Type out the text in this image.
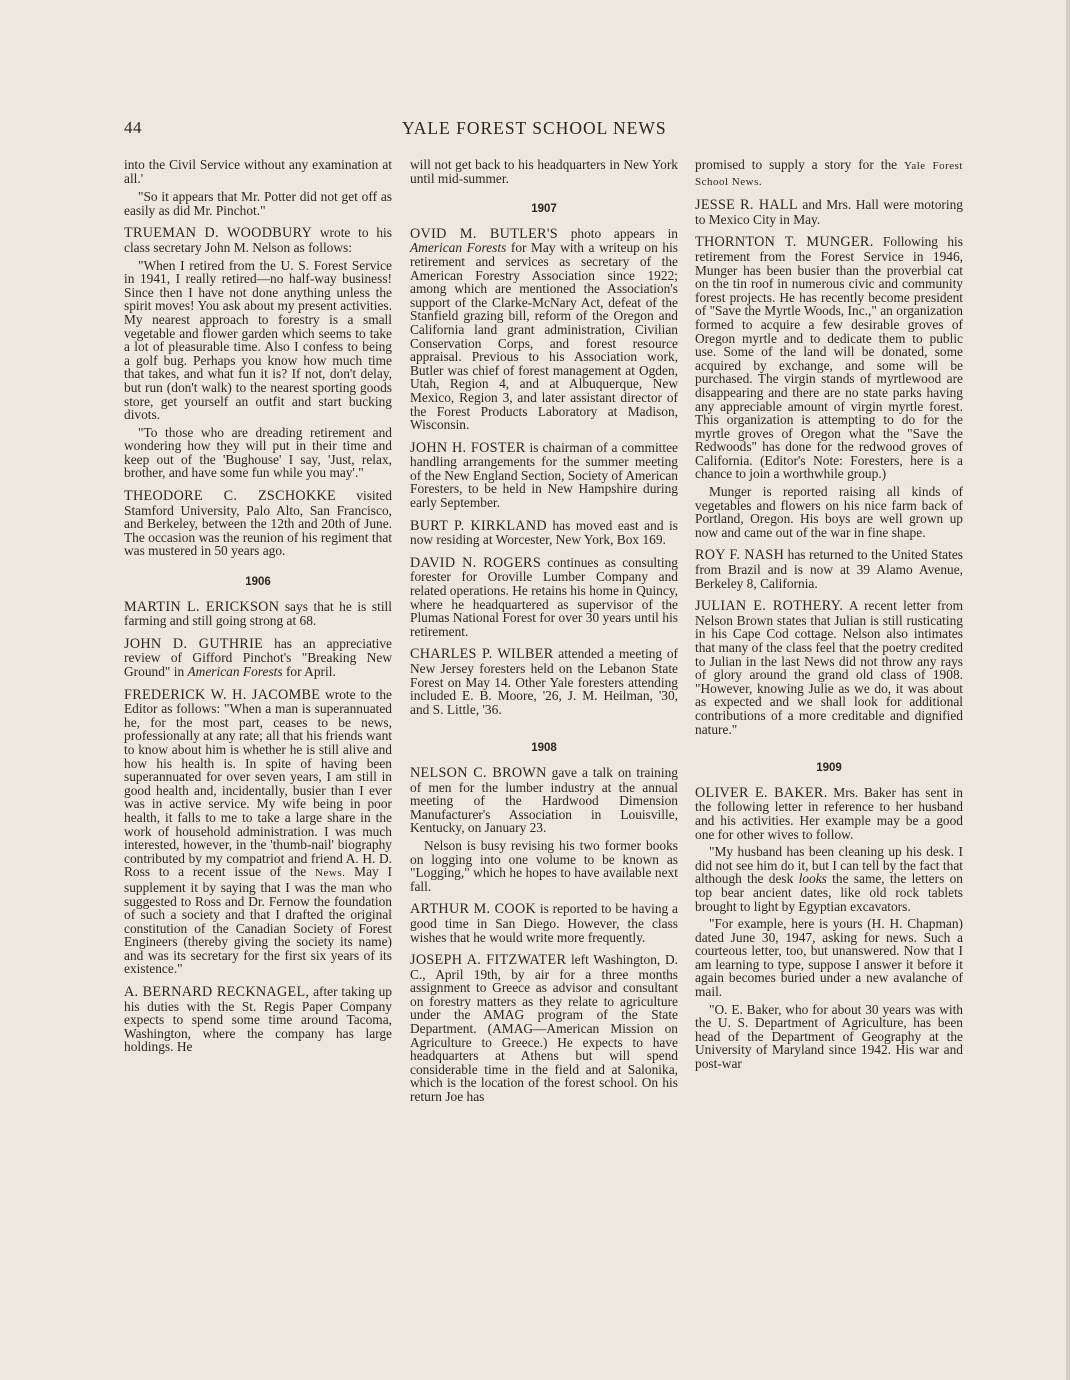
44	YALE FOREST SCHOOL NEWS

into the Civil Service without any examination at all.'

"So it appears that Mr. Potter did not get off as easily as did Mr. Pinchot."

TRUEMAN D. WOODBURY wrote to his class secretary John M. Nelson as follows:

"When I retired from the U. S. Forest Service in 1941, I really retired—no half-way business! Since then I have not done anything unless the spirit moves! You ask about my present activities. My nearest approach to forestry is a small vegetable and flower garden which seems to take a lot of pleasurable time. Also I confess to being a golf bug. Perhaps you know how much time that takes, and what fun it is? If not, don't delay, but run (don't walk) to the nearest sporting goods store, get yourself an outfit and start bucking divots.

"To those who are dreading retirement and wondering how they will put in their time and keep out of the 'Bughouse' I say, 'Just, relax, brother, and have some fun while you may'."

THEODORE C. ZSCHOKKE visited Stamford University, Palo Alto, San Francisco, and Berkeley, between the 12th and 20th of June. The occasion was the reunion of his regiment that was mustered in 50 years ago.

1906

MARTIN L. ERICKSON says that he is still farming and still going strong at 68.

JOHN D. GUTHRIE has an appreciative review of Gifford Pinchot's "Breaking New Ground" in American Forests for April.

FREDERICK W. H. JACOMBE wrote to the Editor as follows: "When a man is superannuated he, for the most part, ceases to be news, professionally at any rate; all that his friends want to know about him is whether he is still alive and how his health is. In spite of having been superannuated for over seven years, I am still in good health and, incidentally, busier than I ever was in active service. My wife being in poor health, it falls to me to take a large share in the work of household administration. I was much interested, however, in the 'thumb-nail' biography contributed by my compatriot and friend A. H. D. Ross to a recent issue of the News. May I supplement it by saying that I was the man who suggested to Ross and Dr. Fernow the foundation of such a society and that I drafted the original constitution of the Canadian Society of Forest Engineers (thereby giving the society its name) and was its secretary for the first six years of its existence."

A. BERNARD RECKNAGEL, after taking up his duties with the St. Regis Paper Company expects to spend some time around Tacoma, Washington, where the company has large holdings. He

will not get back to his headquarters in New York until mid-summer.

1907

OVID M. BUTLER'S photo appears in American Forests for May with a writeup on his retirement and services as secretary of the American Forestry Association since 1922; among which are mentioned the Association's support of the Clarke-McNary Act, defeat of the Stanfield grazing bill, reform of the Oregon and California land grant administration, Civilian Conservation Corps, and forest resource appraisal. Previous to his Association work, Butler was chief of forest management at Ogden, Utah, Region 4, and at Albuquerque, New Mexico, Region 3, and later assistant director of the Forest Products Laboratory at Madison, Wisconsin.

JOHN H. FOSTER is chairman of a committee handling arrangements for the summer meeting of the New England Section, Society of American Foresters, to be held in New Hampshire during early September.

BURT P. KIRKLAND has moved east and is now residing at Worcester, New York, Box 169.

DAVID N. ROGERS continues as consulting forester for Oroville Lumber Company and related operations. He retains his home in Quincy, where he headquartered as supervisor of the Plumas National Forest for over 30 years until his retirement.

CHARLES P. WILBER attended a meeting of New Jersey foresters held on the Lebanon State Forest on May 14. Other Yale foresters attending included E. B. Moore, '26, J. M. Heilman, '30, and S. Little, '36.

1908

NELSON C. BROWN gave a talk on training of men for the lumber industry at the annual meeting of the Hardwood Dimension Manufacturer's Association in Louisville, Kentucky, on January 23.

Nelson is busy revising his two former books on logging into one volume to be known as "Logging," which he hopes to have available next fall.

ARTHUR M. COOK is reported to be having a good time in San Diego. However, the class wishes that he would write more frequently.

JOSEPH A. FITZWATER left Washington, D. C., April 19th, by air for a three months assignment to Greece as advisor and consultant on forestry matters as they relate to agriculture under the AMAG program of the State Department. (AMAG—American Mission on Agriculture to Greece.) He expects to have headquarters at Athens but will spend considerable time in the field and at Salonika, which is the location of the forest school. On his return Joe has

promised to supply a story for the Yale Forest School News.

JESSE R. HALL and Mrs. Hall were motoring to Mexico City in May.

THORNTON T. MUNGER. Following his retirement from the Forest Service in 1946, Munger has been busier than the proverbial cat on the tin roof in numerous civic and community forest projects. He has recently become president of "Save the Myrtle Woods, Inc.," an organization formed to acquire a few desirable groves of Oregon myrtle and to dedicate them to public use. Some of the land will be donated, some acquired by exchange, and some will be purchased. The virgin stands of myrtlewood are disappearing and there are no state parks having any appreciable amount of virgin myrtle forest. This organization is attempting to do for the myrtle groves of Oregon what the "Save the Redwoods" has done for the redwood groves of California. (Editor's Note: Foresters, here is a chance to join a worthwhile group.)

Munger is reported raising all kinds of vegetables and flowers on his nice farm back of Portland, Oregon. His boys are well grown up now and came out of the war in fine shape.

ROY F. NASH has returned to the United States from Brazil and is now at 39 Alamo Avenue, Berkeley 8, California.

JULIAN E. ROTHERY. A recent letter from Nelson Brown states that Julian is still rusticating in his Cape Cod cottage. Nelson also intimates that many of the class feel that the poetry credited to Julian in the last News did not throw any rays of glory around the grand old class of 1908. "However, knowing Julie as we do, it was about as expected and we shall look for additional contributions of a more creditable and dignified nature."

1909

OLIVER E. BAKER. Mrs. Baker has sent in the following letter in reference to her husband and his activities. Her example may be a good one for other wives to follow.

"My husband has been cleaning up his desk. I did not see him do it, but I can tell by the fact that although the desk looks the same, the letters on top bear ancient dates, like old rock tablets brought to light by Egyptian excavators.

"For example, here is yours (H. H. Chapman) dated June 30, 1947, asking for news. Such a courteous letter, too, but unanswered. Now that I am learning to type, suppose I answer it before it again becomes buried under a new avalanche of mail.

"O. E. Baker, who for about 30 years was with the U. S. Department of Agriculture, has been head of the Department of Geography at the University of Maryland since 1942. His war and post-war
